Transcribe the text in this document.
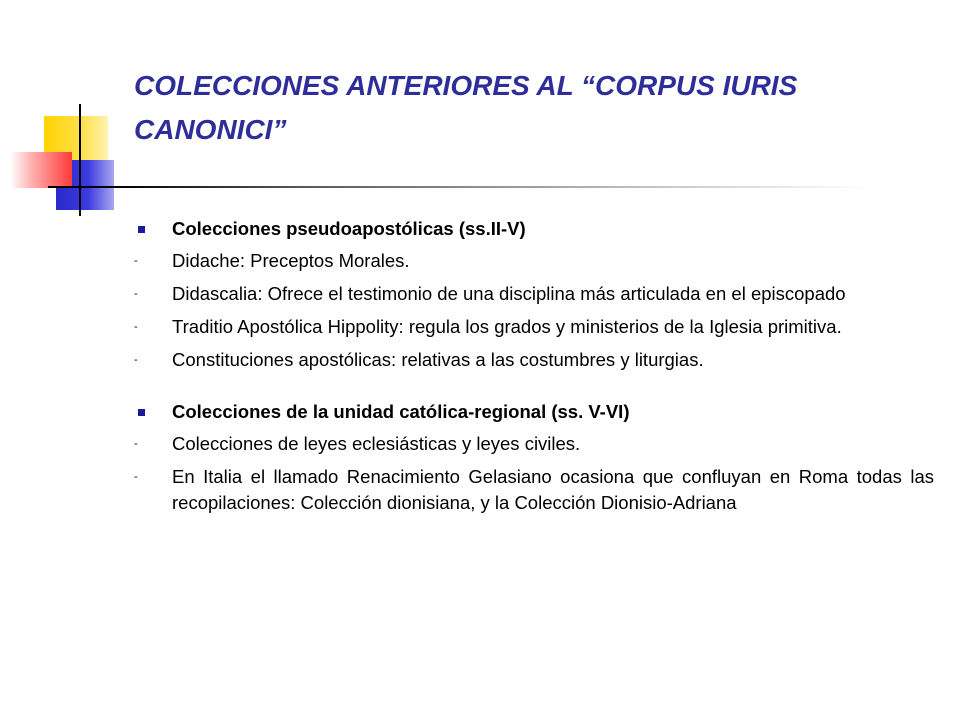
COLECCIONES ANTERIORES AL “CORPUS IURIS CANONICI”
Colecciones pseudoapostólicas (ss.II-V)
- Didache: Preceptos Morales.
- Didascalia: Ofrece el testimonio de una disciplina más articulada en el episcopado
- Traditio Apostólica Hippolity: regula los grados y ministerios de la Iglesia primitiva.
- Constituciones apostólicas: relativas a las costumbres y liturgias.
Colecciones de la unidad católica-regional (ss. V-VI)
- Colecciones de leyes eclesiásticas y leyes civiles.
- En Italia el llamado Renacimiento Gelasiano ocasiona que confluyan en Roma todas las recopilaciones: Colección dionisiana, y la Colección Dionisio-Adriana
